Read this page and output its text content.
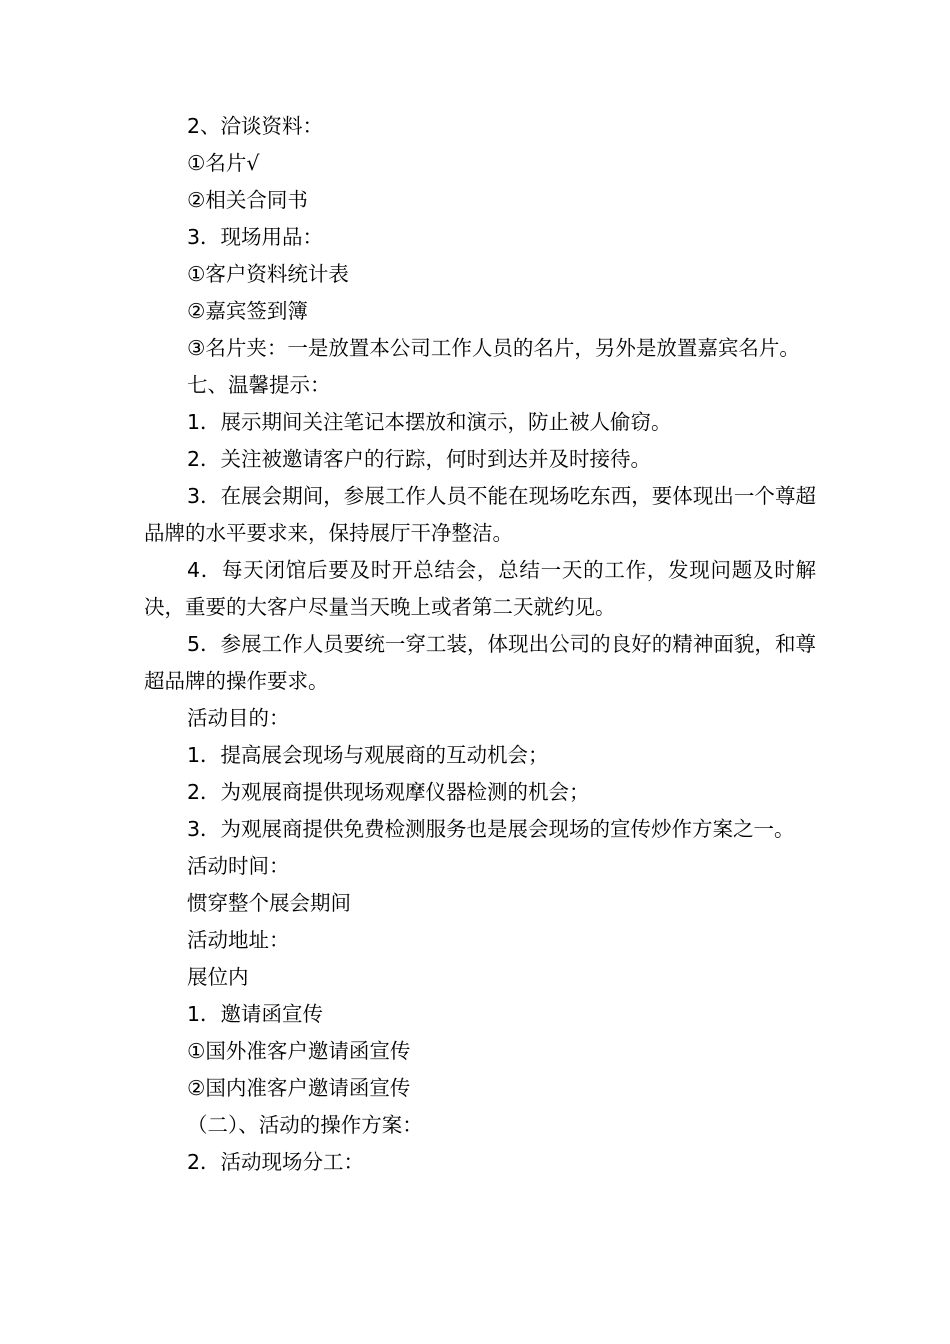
2、洽谈资料：

①名片√

②相关合同书

3．现场用品：

①客户资料统计表

②嘉宾签到簿

③名片夹：一是放置本公司工作人员的名片，另外是放置嘉宾名片。

七、温馨提示：

1．展示期间关注笔记本摆放和演示，防止被人偷窃。

2．关注被邀请客户的行踪，何时到达并及时接待。

3．在展会期间，参展工作人员不能在现场吃东西，要体现出一个尊超品牌的水平要求来，保持展厅干净整洁。

4．每天闭馆后要及时开总结会，总结一天的工作，发现问题及时解决，重要的大客户尽量当天晚上或者第二天就约见。

5．参展工作人员要统一穿工装，体现出公司的良好的精神面貌，和尊超品牌的操作要求。

活动目的：

1．提高展会现场与观展商的互动机会；

2．为观展商提供现场观摩仪器检测的机会；

3．为观展商提供免费检测服务也是展会现场的宣传炒作方案之一。

活动时间：

惯穿整个展会期间

活动地址：

展位内

1．邀请函宣传

①国外准客户邀请函宣传

②国内准客户邀请函宣传

（二）、活动的操作方案：

2．活动现场分工：
